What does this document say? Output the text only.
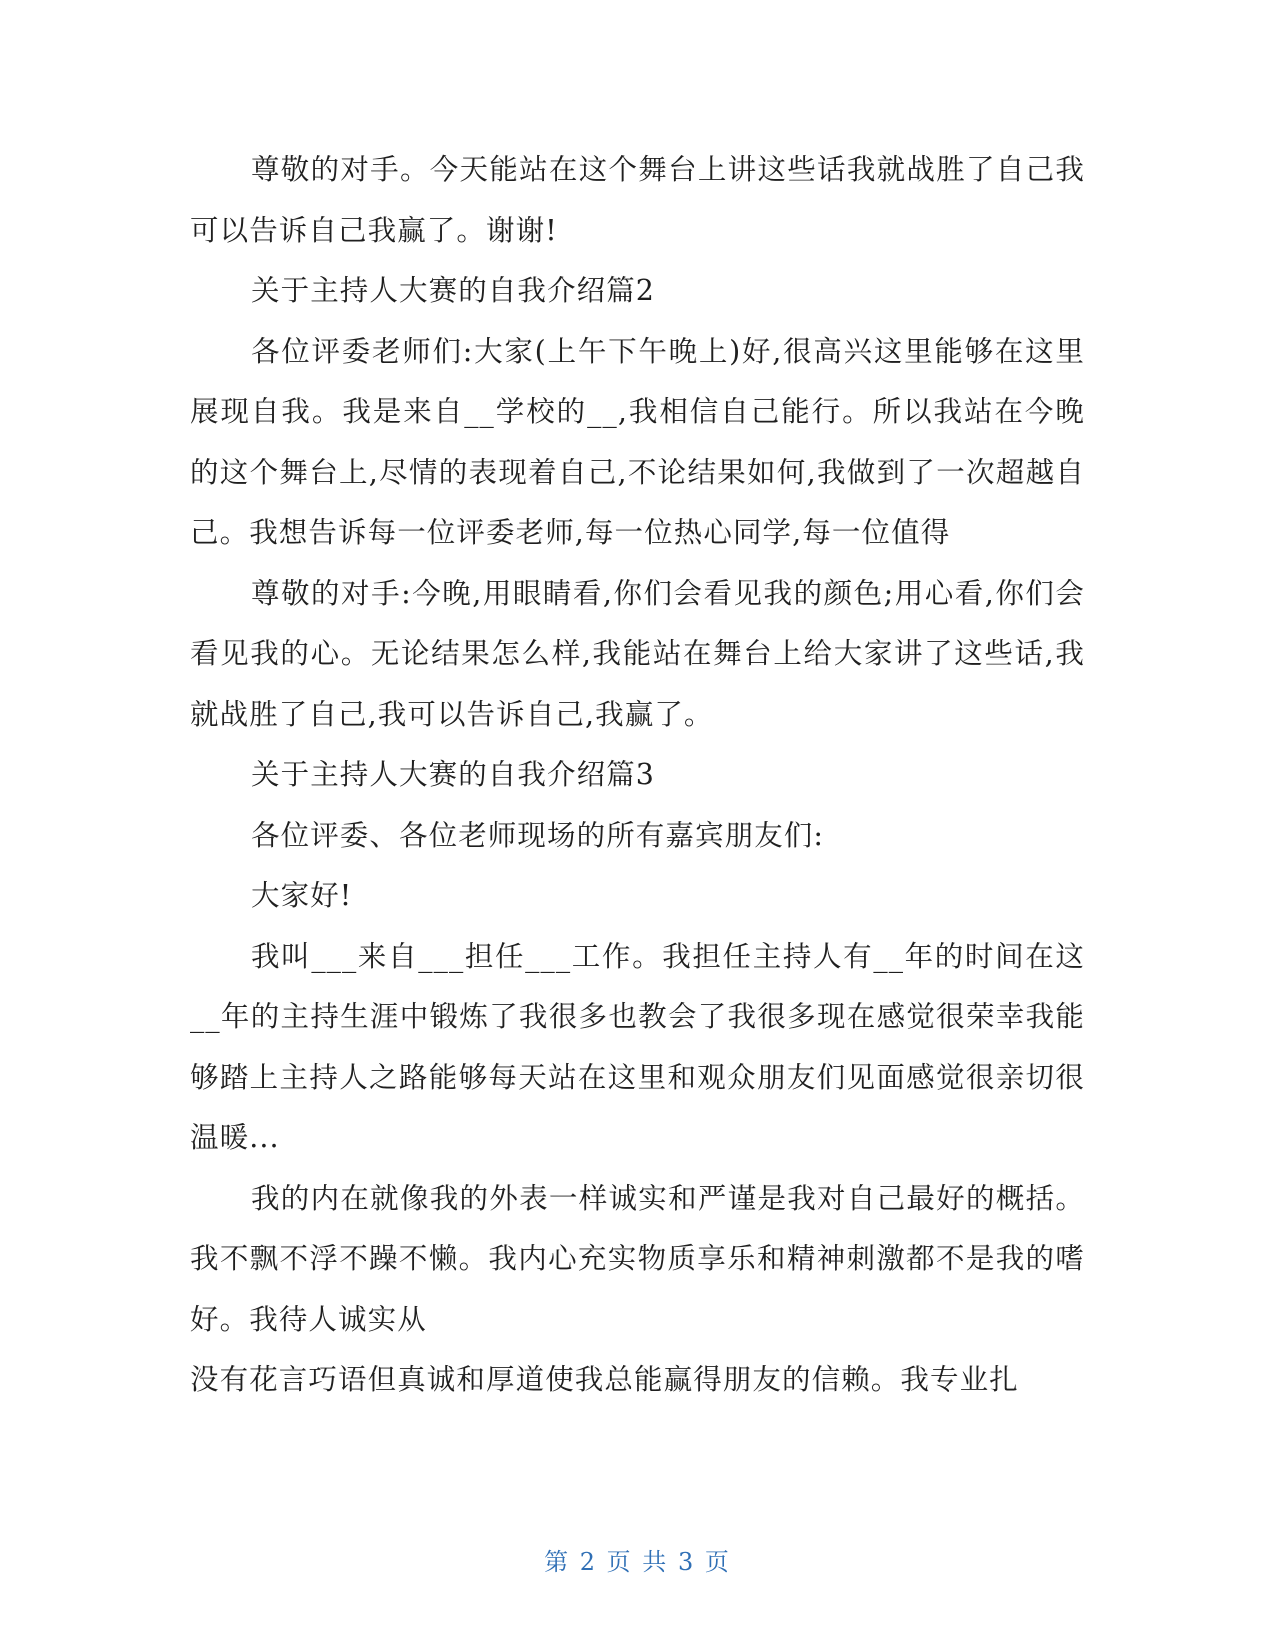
尊敬的对手。今天能站在这个舞台上讲这些话我就战胜了自己我可以告诉自己我赢了。谢谢!

关于主持人大赛的自我介绍篇2

各位评委老师们:大家(上午下午晚上)好,很高兴这里能够在这里展现自我。我是来自__学校的__,我相信自己能行。所以我站在今晚的这个舞台上,尽情的表现着自己,不论结果如何,我做到了一次超越自己。我想告诉每一位评委老师,每一位热心同学,每一位值得

尊敬的对手:今晚,用眼睛看,你们会看见我的颜色;用心看,你们会看见我的心。无论结果怎么样,我能站在舞台上给大家讲了这些话,我就战胜了自己,我可以告诉自己,我赢了。

关于主持人大赛的自我介绍篇3

各位评委、各位老师现场的所有嘉宾朋友们:

大家好!

我叫___来自___担任___工作。我担任主持人有__年的时间在这__年的主持生涯中锻炼了我很多也教会了我很多现在感觉很荣幸我能够踏上主持人之路能够每天站在这里和观众朋友们见面感觉很亲切很温暖...

我的内在就像我的外表一样诚实和严谨是我对自己最好的概括。我不飘不浮不躁不懒。我内心充实物质享乐和精神刺激都不是我的嗜好。我待人诚实从

没有花言巧语但真诚和厚道使我总能赢得朋友的信赖。我专业扎

第 2 页 共 3 页
